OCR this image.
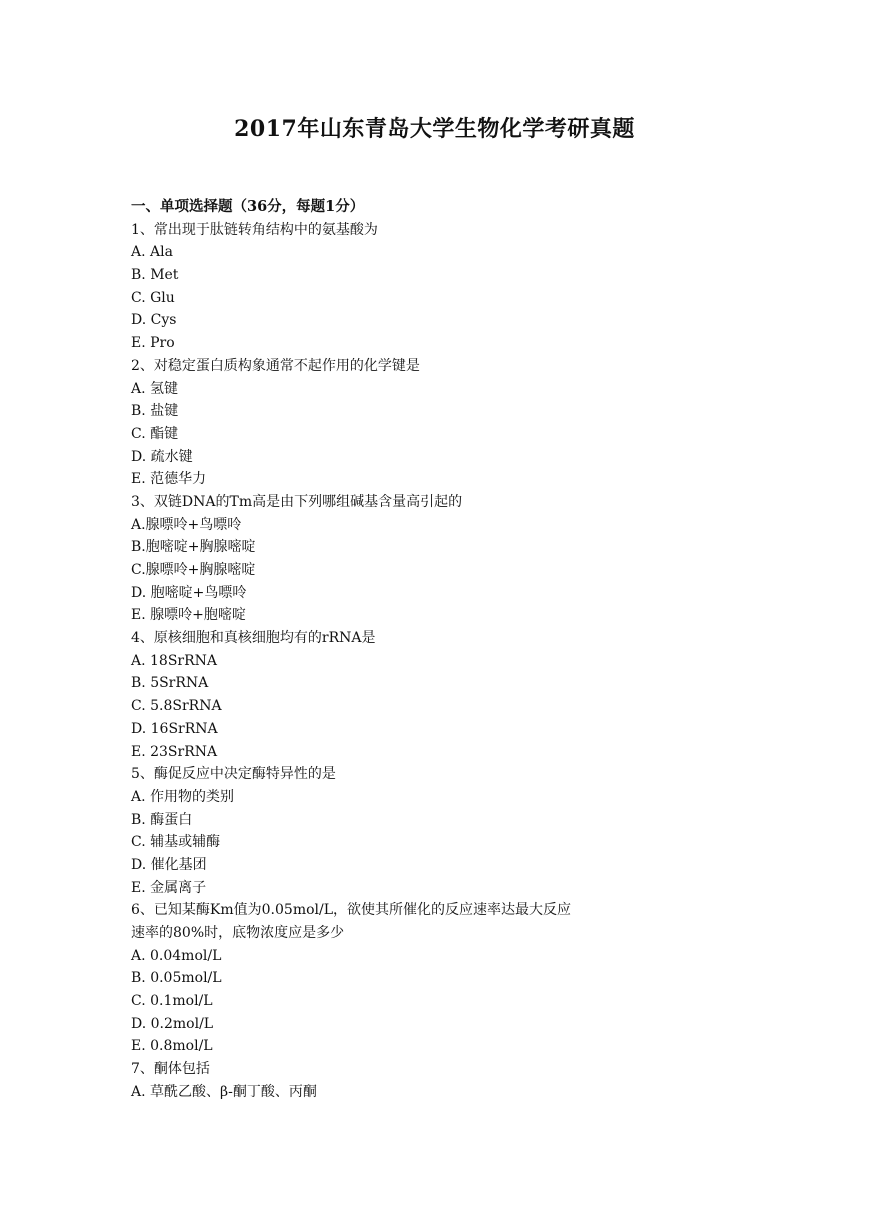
2017年山东青岛大学生物化学考研真题
一、单项选择题（36分，每题1分）
1、常出现于肽链转角结构中的氨基酸为
A. Ala
B. Met
C. Glu
D. Cys
E. Pro
2、对稳定蛋白质构象通常不起作用的化学键是
A. 氢键
B. 盐键
C. 酯键
D. 疏水键
E. 范德华力
3、双链DNA的Tm高是由下列哪组碱基含量高引起的
A.腺嘌呤+鸟嘌呤
B.胞嘧啶+胸腺嘧啶
C.腺嘌呤+胸腺嘧啶
D. 胞嘧啶+鸟嘌呤
E. 腺嘌呤+胞嘧啶
4、原核细胞和真核细胞均有的rRNA是
A. 18SrRNA
B. 5SrRNA
C. 5.8SrRNA
D. 16SrRNA
E. 23SrRNA
5、酶促反应中决定酶特异性的是
A. 作用物的类别
B. 酶蛋白
C. 辅基或辅酶
D. 催化基团
E. 金属离子
6、已知某酶Km值为0.05mol/L，欲使其所催化的反应速率达最大反应
速率的80%时，底物浓度应是多少
A. 0.04mol/L
B. 0.05mol/L
C. 0.1mol/L
D. 0.2mol/L
E. 0.8mol/L
7、酮体包括
A. 草酰乙酸、β-酮丁酸、丙酮
